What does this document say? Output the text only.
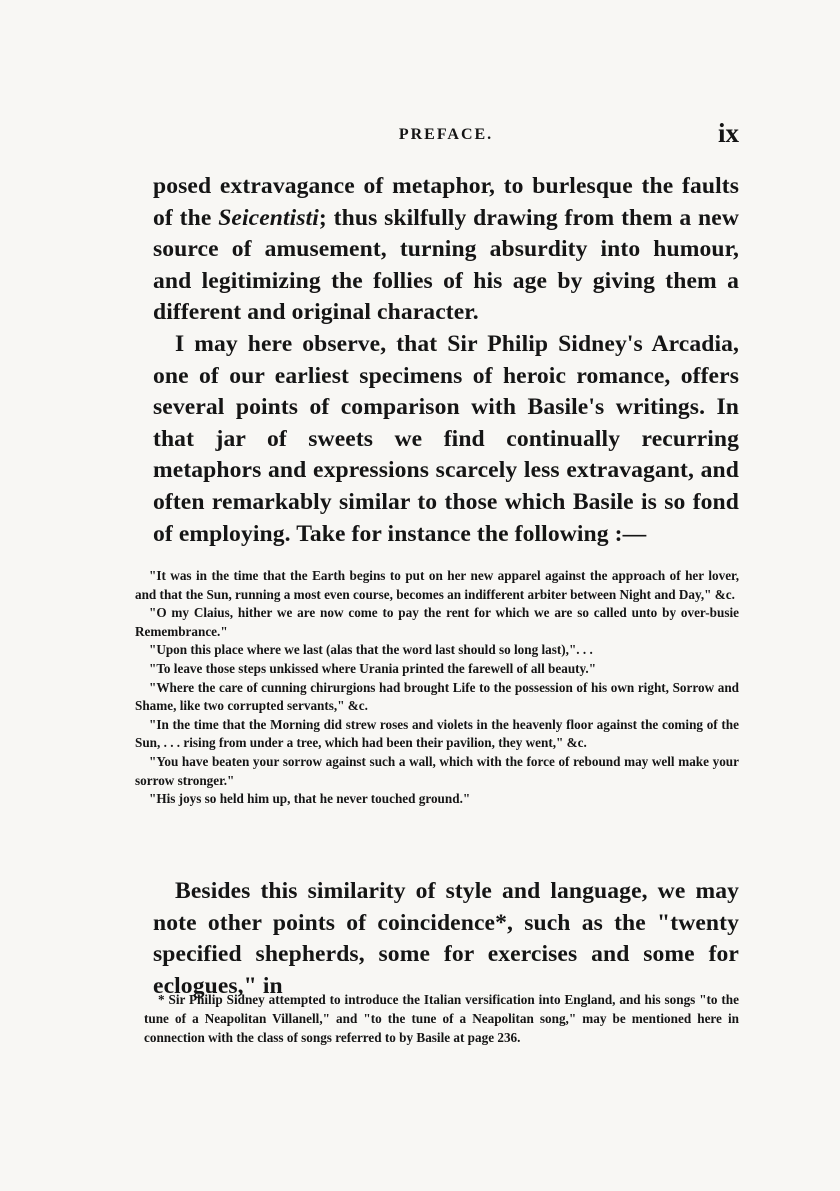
PREFACE.	ix

posed extravagance of metaphor, to burlesque the faults of the Seicentisti; thus skilfully drawing from them a new source of amusement, turning absurdity into humour, and legitimizing the follies of his age by giving them a different and original character.

I may here observe, that Sir Philip Sidney's Arcadia, one of our earliest specimens of heroic romance, offers several points of comparison with Basile's writings. In that jar of sweets we find continually recurring metaphors and expressions scarcely less extravagant, and often remarkably similar to those which Basile is so fond of employing. Take for instance the following :—

"It was in the time that the Earth begins to put on her new apparel against the approach of her lover, and that the Sun, running a most even course, becomes an indifferent arbiter between Night and Day," &c.

"O my Claius, hither we are now come to pay the rent for which we are so called unto by over-busie Remembrance."

"Upon this place where we last (alas that the word last should so long last),". . .

"To leave those steps unkissed where Urania printed the farewell of all beauty."

"Where the care of cunning chirurgions had brought Life to the possession of his own right, Sorrow and Shame, like two corrupted servants," &c.

"In the time that the Morning did strew roses and violets in the heavenly floor against the coming of the Sun, . . . rising from under a tree, which had been their pavilion, they went," &c.

"You have beaten your sorrow against such a wall, which with the force of rebound may well make your sorrow stronger."

"His joys so held him up, that he never touched ground."

Besides this similarity of style and language, we may note other points of coincidence*, such as the "twenty specified shepherds, some for exercises and some for eclogues," in

* Sir Philip Sidney attempted to introduce the Italian versification into England, and his songs "to the tune of a Neapolitan Villanell," and "to the tune of a Neapolitan song," may be mentioned here in connection with the class of songs referred to by Basile at page 236.
